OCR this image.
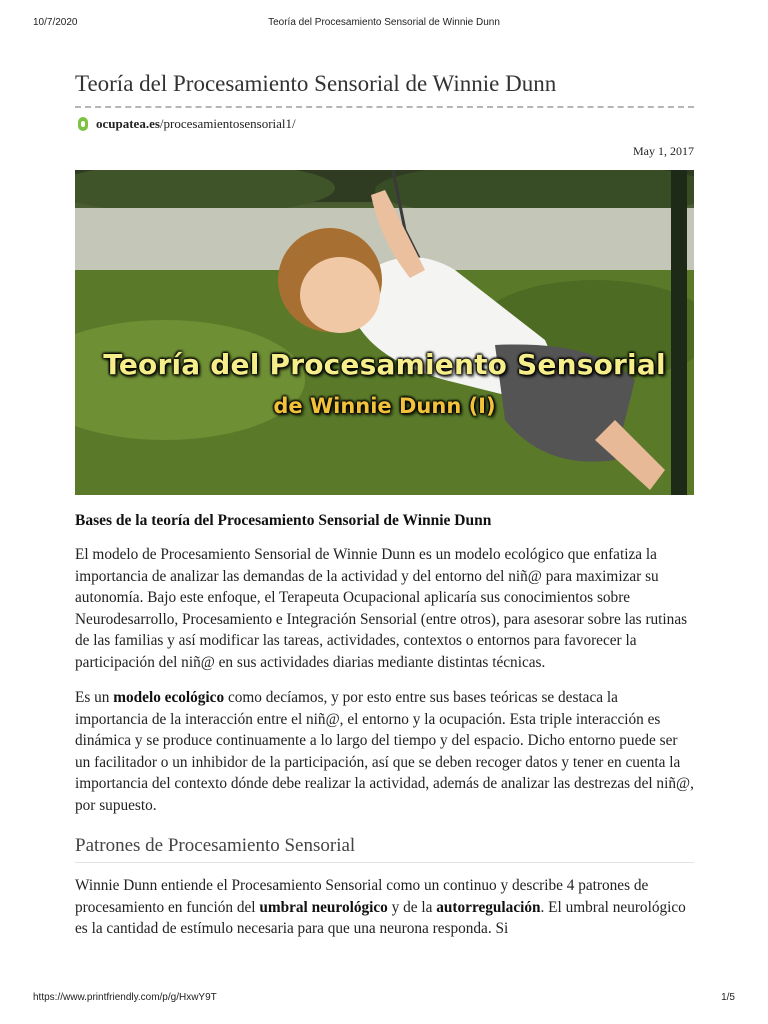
10/7/2020	Teoría del Procesamiento Sensorial de Winnie Dunn
Teoría del Procesamiento Sensorial de Winnie Dunn
ocupatea.es/procesamientosensorial1/
May 1, 2017
Teoría del Procesamiento Sensorial
de Winnie Dunn (I)
Bases de la teoría del Procesamiento Sensorial de Winnie Dunn

El modelo de Procesamiento Sensorial de Winnie Dunn es un modelo ecológico que enfatiza la importancia de analizar las demandas de la actividad y del entorno del niñ@ para maximizar su autonomía. Bajo este enfoque, el Terapeuta Ocupacional aplicaría sus conocimientos sobre Neurodesarrollo, Procesamiento e Integración Sensorial (entre otros), para asesorar sobre las rutinas de las familias y así modificar las tareas, actividades, contextos o entornos para favorecer la participación del niñ@ en sus actividades diarias mediante distintas técnicas.

Es un modelo ecológico como decíamos, y por esto entre sus bases teóricas se destaca la importancia de la interacción entre el niñ@, el entorno y la ocupación. Esta triple interacción es dinámica y se produce continuamente a lo largo del tiempo y del espacio. Dicho entorno puede ser un facilitador o un inhibidor de la participación, así que se deben recoger datos y tener en cuenta la importancia del contexto dónde debe realizar la actividad, además de analizar las destrezas del niñ@, por supuesto.

Patrones de Procesamiento Sensorial

Winnie Dunn entiende el Procesamiento Sensorial como un continuo y describe 4 patrones de procesamiento en función del umbral neurológico y de la autorregulación. El umbral neurológico es la cantidad de estímulo necesaria para que una neurona responda. Si

https://www.printfriendly.com/p/g/HxwY9T	1/5
